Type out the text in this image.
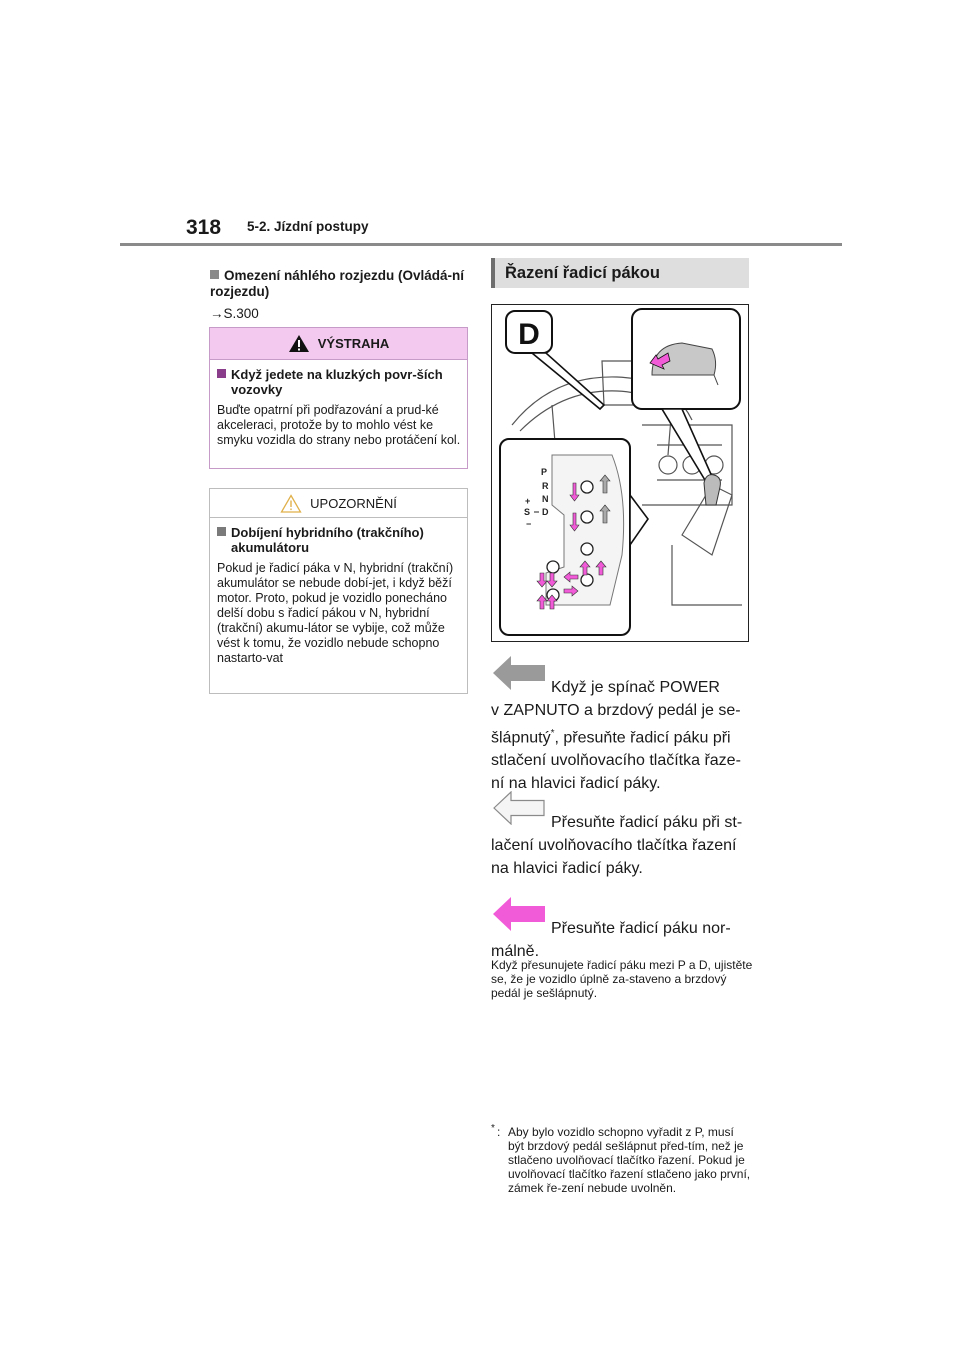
318 5-2. Jízdní postupy
Omezení náhlého rozjezdu (Ovládá-ní rozjezdu)
→S.300
VÝSTRAHA
Když jedete na kluzkých povr-ších vozovky
Buďte opatrní při podřazování a prud-ké akceleraci, protože by to mohlo vést ke smyku vozidla do strany nebo protáčení kol.
UPOZORNĚNÍ
Dobíjení hybridního (trakčního) akumulátoru
Pokud je řadicí páka v N, hybridní (trakční) akumulátor se nebude dobí-jet, i když běží motor. Proto, pokud je vozidlo ponecháno delší dobu s řadicí pákou v N, hybridní (trakční) akumu-látor se vybije, což může vést k tomu, že vozidlo nebude schopno nastarto-vat
Řazení řadicí pákou
D
P
R
N
D
S
+
−
Když je spínač POWER
v ZAPNUTO a brzdový pedál je se-šlápnutý*, přesuňte řadicí páku při stlačení uvolňovacího tlačítka řaze-ní na hlavici řadicí páky.
Přesuňte řadicí páku při st-
lačení uvolňovacího tlačítka řazení na hlavici řadicí páky.
Přesuňte řadicí páku nor-
málně.
Když přesunujete řadicí páku mezi P a D, ujistěte se, že je vozidlo úplně za-staveno a brzdový pedál je sešlápnutý.
* : Aby bylo vozidlo schopno vyřadit z P, musí být brzdový pedál sešlápnut před-tím, než je stlačeno uvolňovací tlačítko řazení. Pokud je uvolňovací tlačítko řazení stlačeno jako první, zámek ře-zení nebude uvolněn.
